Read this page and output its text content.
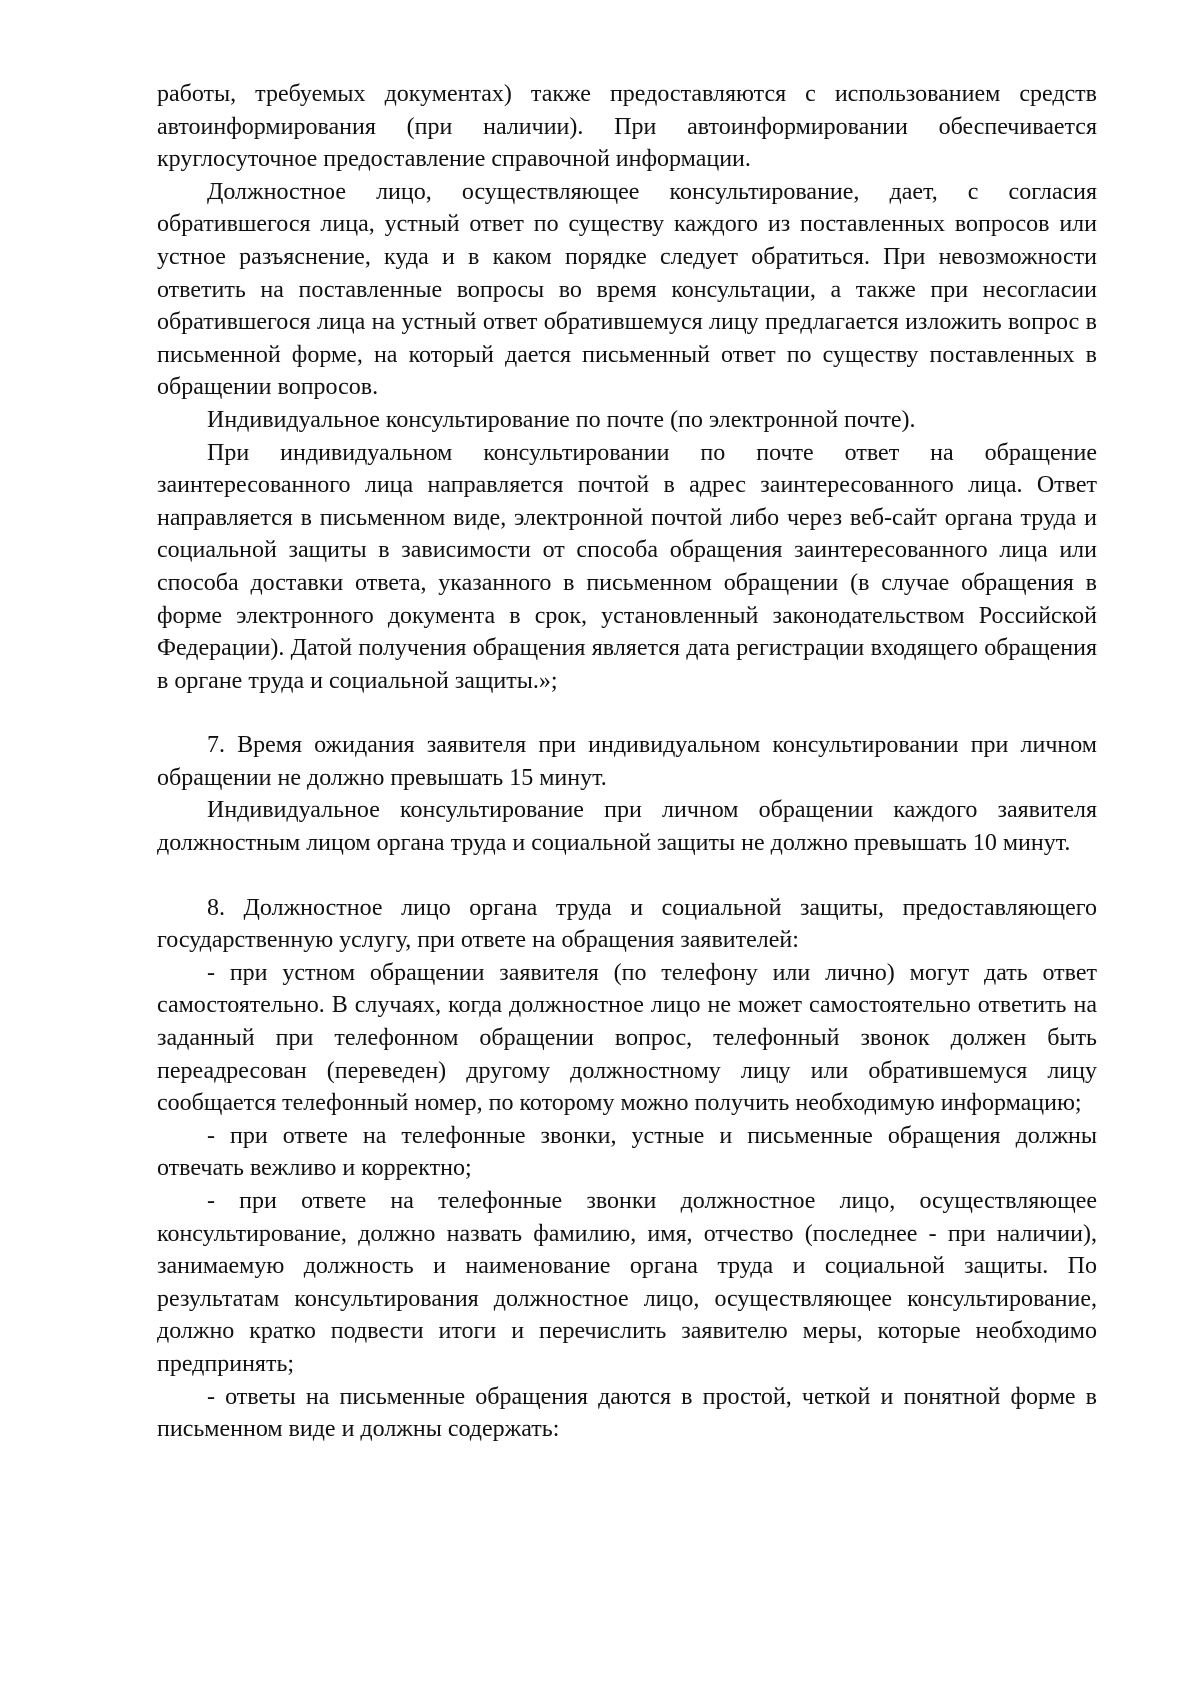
работы, требуемых документах) также предоставляются с использованием средств автоинформирования (при наличии). При автоинформировании обеспечивается круглосуточное предоставление справочной информации.

Должностное лицо, осуществляющее консультирование, дает, с согласия обратившегося лица, устный ответ по существу каждого из поставленных вопросов или устное разъяснение, куда и в каком порядке следует обратиться. При невозможности ответить на поставленные вопросы во время консультации, а также при несогласии обратившегося лица на устный ответ обратившемуся лицу предлагается изложить вопрос в письменной форме, на который дается письменный ответ по существу поставленных в обращении вопросов.

Индивидуальное консультирование по почте (по электронной почте).

При индивидуальном консультировании по почте ответ на обращение заинтересованного лица направляется почтой в адрес заинтересованного лица. Ответ направляется в письменном виде, электронной почтой либо через веб-сайт органа труда и социальной защиты в зависимости от способа обращения заинтересованного лица или способа доставки ответа, указанного в письменном обращении (в случае обращения в форме электронного документа в срок, установленный законодательством Российской Федерации). Датой получения обращения является дата регистрации входящего обращения в органе труда и социальной защиты.»;

7. Время ожидания заявителя при индивидуальном консультировании при личном обращении не должно превышать 15 минут.

Индивидуальное консультирование при личном обращении каждого заявителя должностным лицом органа труда и социальной защиты не должно превышать 10 минут.

8. Должностное лицо органа труда и социальной защиты, предоставляющего государственную услугу, при ответе на обращения заявителей:

- при устном обращении заявителя (по телефону или лично) могут дать ответ самостоятельно. В случаях, когда должностное лицо не может самостоятельно ответить на заданный при телефонном обращении вопрос, телефонный звонок должен быть переадресован (переведен) другому должностному лицу или обратившемуся лицу сообщается телефонный номер, по которому можно получить необходимую информацию;

- при ответе на телефонные звонки, устные и письменные обращения должны отвечать вежливо и корректно;

- при ответе на телефонные звонки должностное лицо, осуществляющее консультирование, должно назвать фамилию, имя, отчество (последнее - при наличии), занимаемую должность и наименование органа труда и социальной защиты. По результатам консультирования должностное лицо, осуществляющее консультирование, должно кратко подвести итоги и перечислить заявителю меры, которые необходимо предпринять;

- ответы на письменные обращения даются в простой, четкой и понятной форме в письменном виде и должны содержать:
